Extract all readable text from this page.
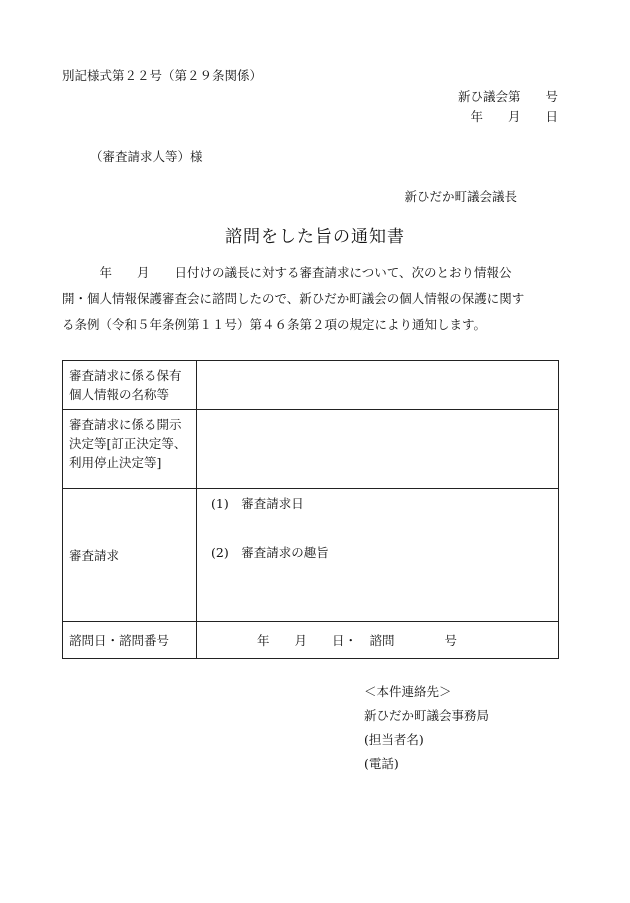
別記様式第２２号（第２９条関係）
新ひ議会第　　号
年　　月　　日
（審査請求人等）様
新ひだか町議会議長
諮問をした旨の通知書
　　　年　　月　　日付けの議長に対する審査請求について、次のとおり情報公
開・個人情報保護審査会に諮問したので、新ひだか町議会の個人情報の保護に関す
る条例（令和５年条例第１１号）第４６条第２項の規定により通知します。
審査請求に係る保有個人情報の名称等	
審査請求に係る開示決定等[訂正決定等、利用停止決定等]	
審査請求	(1)　審査請求日
(2)　審査請求の趣旨

諮問日・諮問番号	年　　月　　日・　諮問　　　　号
＜本件連絡先＞
新ひだか町議会事務局
(担当者名)
(電話)
